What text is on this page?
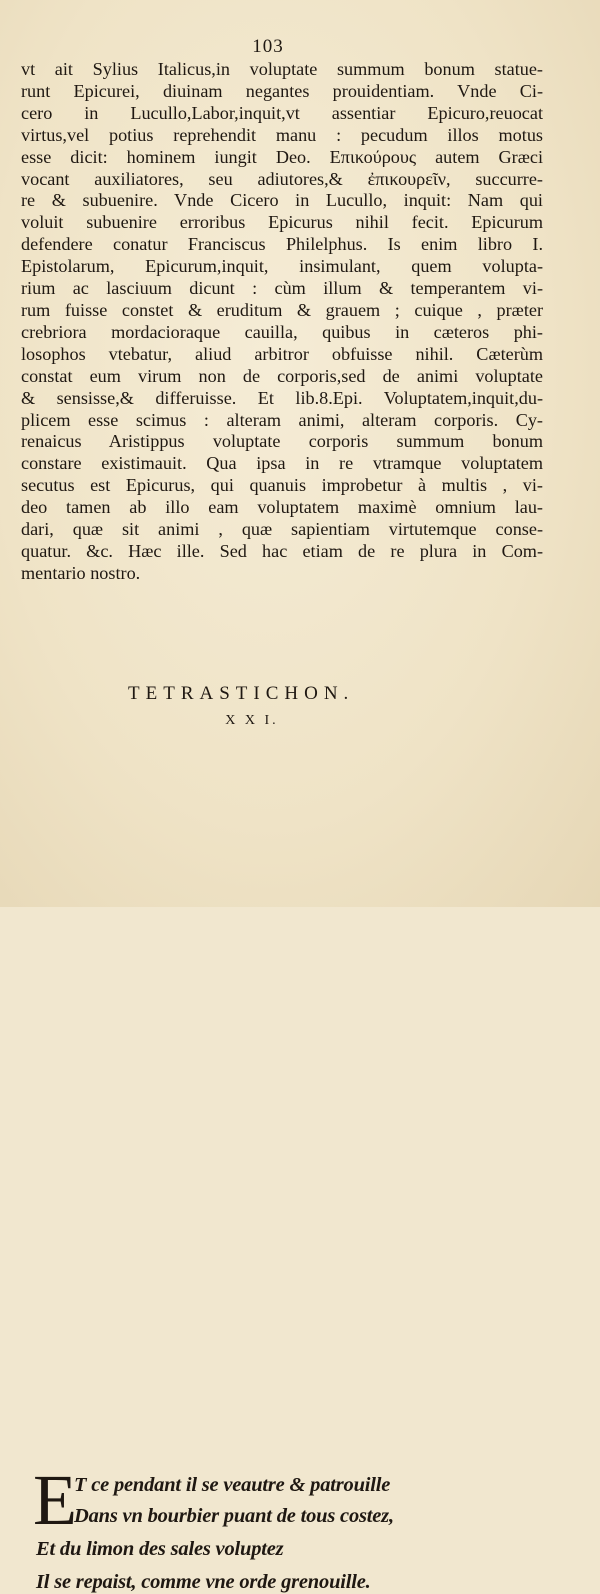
103
vt ait Sylius Italicus,in voluptate summum bonum statue-
runt Epicurei, diuinam negantes prouidentiam. Vnde Ci-
cero in Lucullo,Labor,inquit,vt assentiar Epicuro,reuocat
virtus,vel potius reprehendit manu : pecudum illos motus
esse dicit: hominem iungit Deo. Επικούρους autem Græci
vocant auxiliatores, seu adiutores,& ἐπικουρεῖν, succurre-
re & subuenire. Vnde Cicero in Lucullo, inquit: Nam qui
voluit subuenire erroribus Epicurus nihil fecit. Epicurum
defendere conatur Franciscus Philelphus. Is enim libro I.
Epistolarum, Epicurum,inquit, insimulant, quem volupta-
rium ac lasciuum dicunt : cùm illum & temperantem vi-
rum fuisse constet & eruditum & grauem ; cuique , præter
crebriora mordacioraque cauilla, quibus in cæteros phi-
losophos vtebatur, aliud arbitror obfuisse nihil. Cæterùm
constat eum virum non de corporis,sed de animi voluptate
& sensisse,& differuisse. Et lib.8.Epi. Voluptatem,inquit,du-
plicem esse scimus : alteram animi, alteram corporis. Cy-
renaicus Aristippus voluptate corporis summum bonum
constare existimauit. Qua ipsa in re vtramque voluptatem
secutus est Epicurus, qui quanuis improbetur à multis , vi-
deo tamen ab illo eam voluptatem maximè omnium lau-
dari, quæ sit animi , quæ sapientiam virtutemque conse-
quatur. &c. Hæc ille. Sed hac etiam de re plura in Com-
mentario nostro.
TETRASTICHON.
X X I.
E
T ce pendant il se veautre & patrouille
Dans vn bourbier puant de tous costez,
Et du limon des sales voluptez
Il se repaist, comme vne orde grenouille.
